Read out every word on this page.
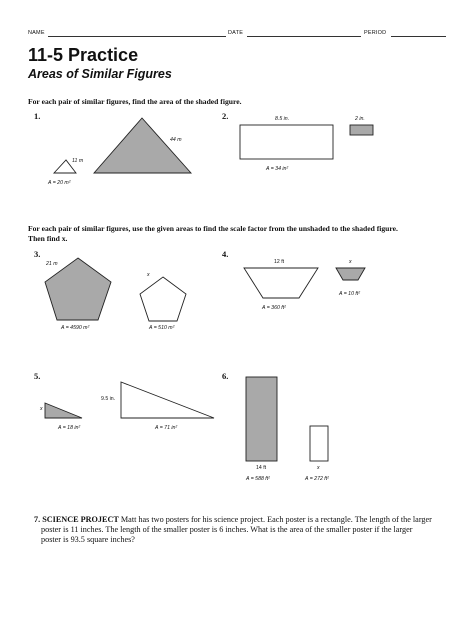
NAME	DATE	PERIOD
11-5 Practice
Areas of Similar Figures
For each pair of similar figures, find the area of the shaded figure.
1.	2.
For each pair of similar figures, use the given areas to find the scale factor from the unshaded to the shaded figure.
Then find x.
3.	4.
5.	6.
11 m
A = 20 m²
44 m
8.5 in.
A = 34 in²
2 in.
21 m
A = 4590 m²
x
A = 510 m²
12 ft
A = 360 ft²
x
A = 10 ft²
x
A = 18 in²
9.5 in.
A = 71 in²
14 ft
A = 588 ft²
x
A = 272 ft²
7. SCIENCE PROJECT Matt has two posters for his science project. Each poster is a rectangle. The length of the larger
poster is 11 inches. The length of the smaller poster is 6 inches. What is the area of the smaller poster if the larger
poster is 93.5 square inches?
